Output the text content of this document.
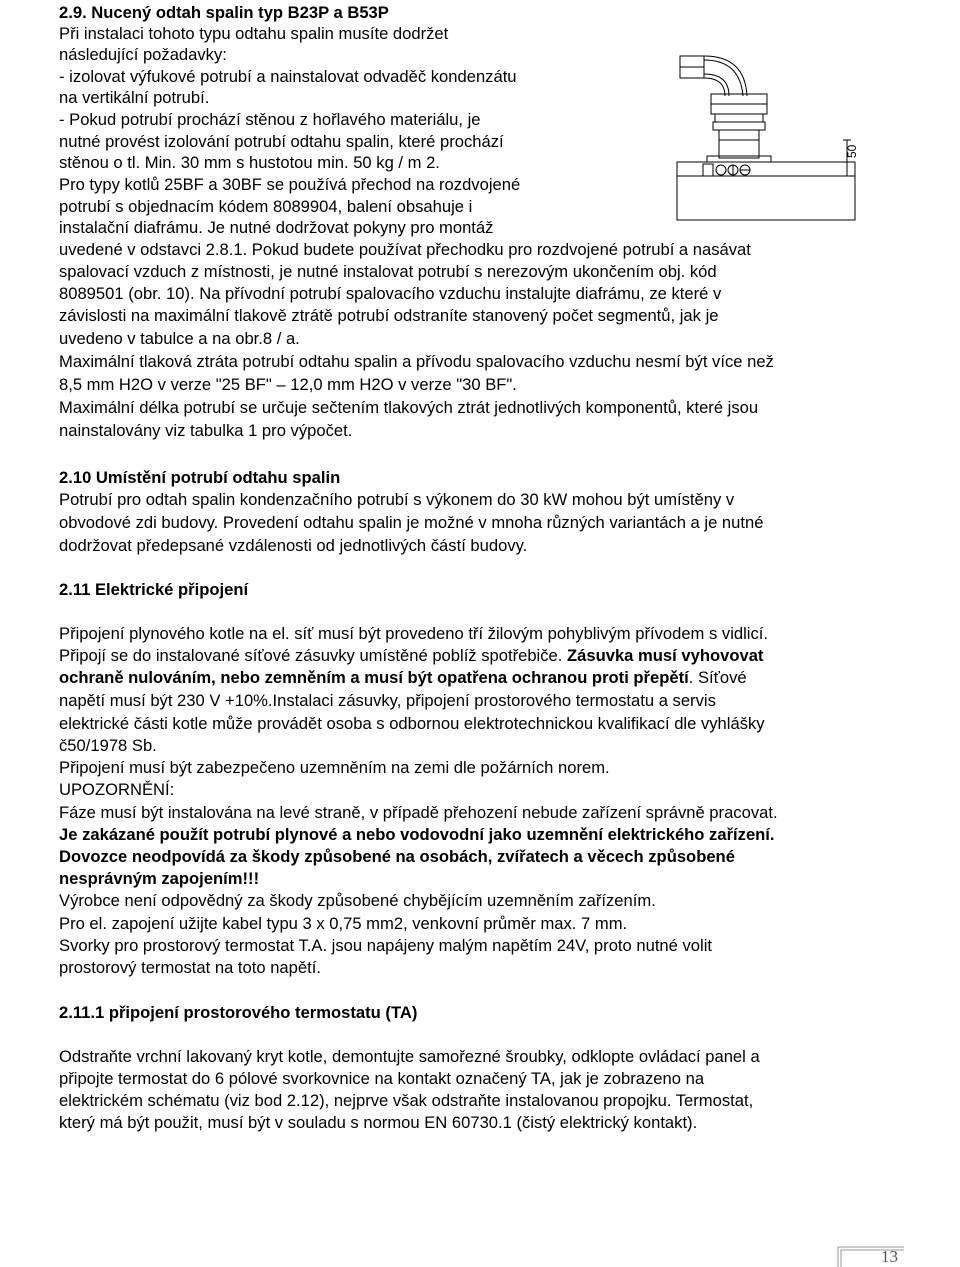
2.9. Nucený odtah spalin typ B23P a B53P
Při instalaci tohoto typu odtahu spalin musíte dodržet
následující požadavky:
- izolovat výfukové potrubí a nainstalovat odvaděč kondenzátu
na vertikální potrubí.
- Pokud potrubí prochází stěnou z hořlavého materiálu, je
nutné provést izolování potrubí odtahu spalin, které prochází
stěnou o tl. Min. 30 mm s hustotou min. 50 kg / m 2.
Pro typy kotlů 25BF a 30BF se používá přechod na rozdvojené
potrubí s objednacím kódem 8089904, balení obsahuje i
instalační diafrámu. Je nutné dodržovat pokyny pro montáž
uvedené v odstavci 2.8.1. Pokud budete používat přechodku pro rozdvojené potrubí a nasávat
spalovací vzduch z místnosti, je nutné instalovat potrubí s nerezovým ukončením obj. kód
8089501 (obr. 10). Na přívodní potrubí spalovacího vzduchu instalujte diafrámu, ze které v
závislosti na maximální tlakově ztrátě potrubí odstraníte stanovený počet segmentů, jak je
uvedeno v tabulce a na obr.8 / a.
Maximální tlaková ztráta potrubí odtahu spalin a přívodu spalovacího vzduchu nesmí být více než
8,5 mm H2O v verze "25 BF" – 12,0 mm H2O v verze "30 BF".
Maximální délka potrubí se určuje sečtením tlakových ztrát jednotlivých komponentů, které jsou
nainstalovány viz tabulka 1 pro výpočet.
50
2.10 Umístění potrubí odtahu spalin
Potrubí pro odtah spalin kondenzačního potrubí s výkonem do 30 kW mohou být umístěny v
obvodové zdi budovy. Provedení odtahu spalin je možné v mnoha různých variantách a je nutné
dodržovat předepsané vzdálenosti od jednotlivých částí budovy.
2.11 Elektrické připojení
Připojení plynového kotle na el. síť musí být provedeno tří žilovým pohyblivým přívodem s vidlicí.
Připojí se do instalované síťové zásuvky umístěné poblíž spotřebiče. Zásuvka musí vyhovovat
ochraně nulováním, nebo zemněním a musí být opatřena ochranou proti přepětí. Síťové
napětí musí být 230 V +10%.Instalaci zásuvky, připojení prostorového termostatu a servis
elektrické části kotle může provádět osoba s odbornou elektrotechnickou kvalifikací dle vyhlášky
č50/1978 Sb.
Připojení musí být zabezpečeno uzemněním na zemi dle požárních norem.
UPOZORNĚNÍ:
Fáze musí být instalována na levé straně, v případě přehození nebude zařízení správně pracovat.
Je zakázané použít potrubí plynové a nebo vodovodní jako uzemnění elektrického zařízení.
Dovozce neodpovídá za škody způsobené na osobách, zvířatech a věcech způsobené
nesprávným zapojením!!!
Výrobce není odpovědný za škody způsobené chybějícím uzemněním zařízením.
Pro el. zapojení užijte kabel typu 3 x 0,75 mm2, venkovní průměr max. 7 mm.
Svorky pro prostorový termostat T.A. jsou napájeny malým napětím 24V, proto nutné volit
prostorový termostat na toto napětí.
2.11.1 připojení prostorového termostatu (TA)
Odstraňte vrchní lakovaný kryt kotle, demontujte samořezné šroubky, odklopte ovládací panel a
připojte termostat do 6 pólové svorkovnice na kontakt označený TA, jak je zobrazeno na
elektrickém schématu (viz bod 2.12), nejprve však odstraňte instalovanou propojku. Termostat,
který má být použit, musí být v souladu s normou EN 60730.1 (čistý elektrický kontakt).
13
